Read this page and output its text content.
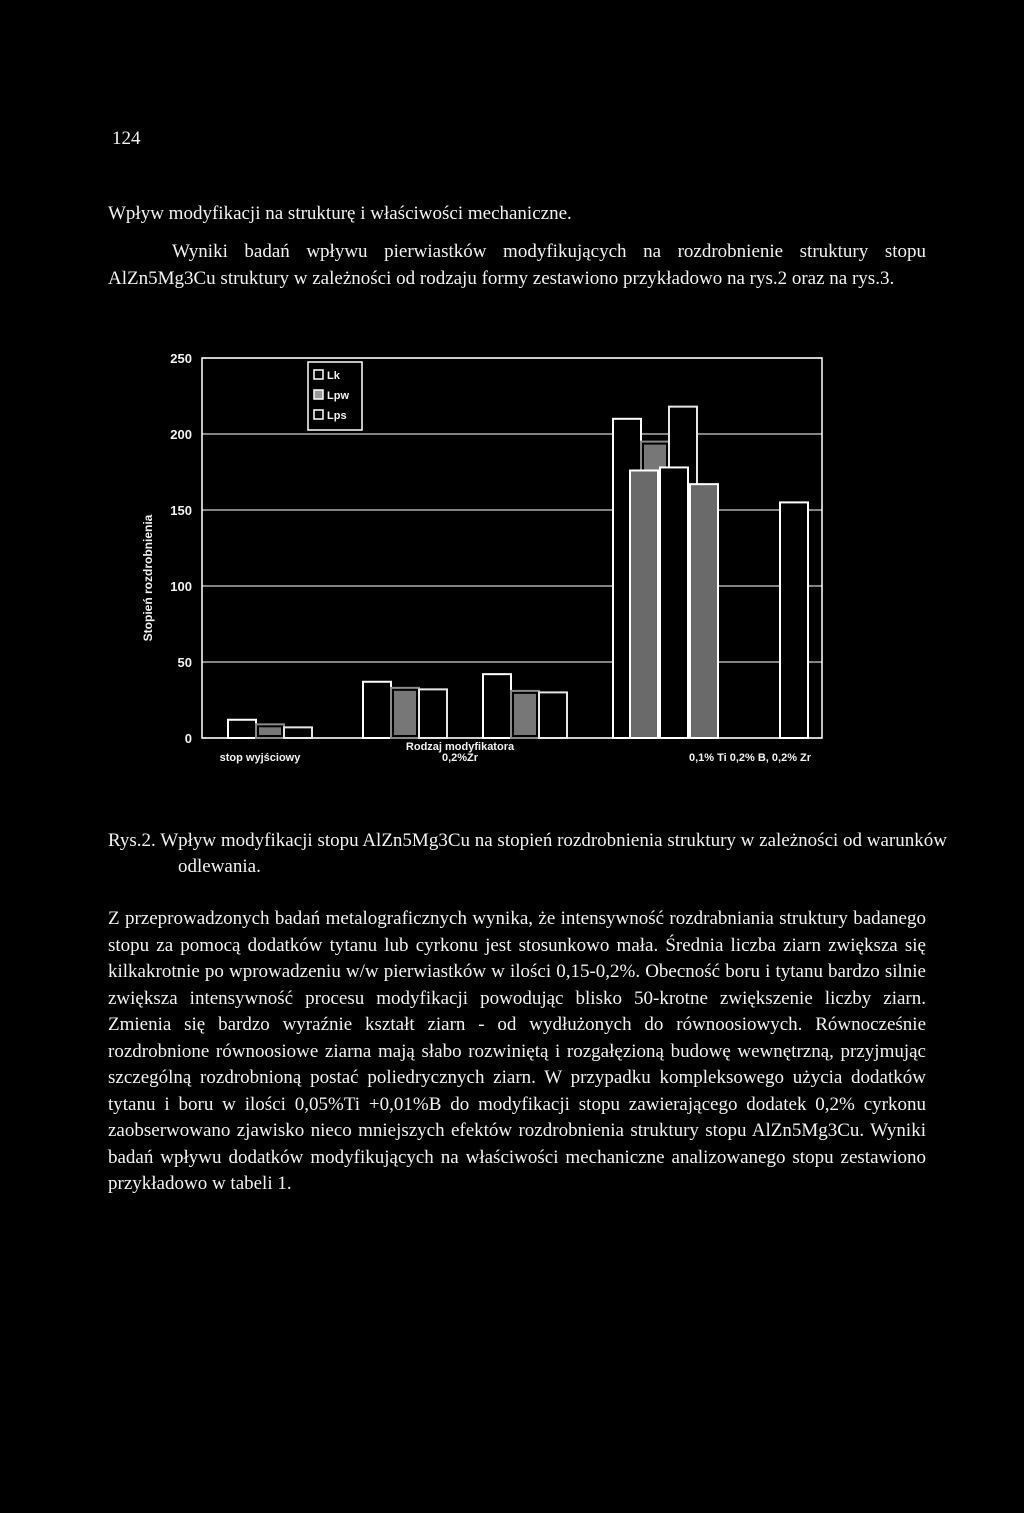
124
Wpływ modyfikacji na strukturę i właściwości mechaniczne.

Wyniki badań wpływu pierwiastków modyfikujących na rozdrobnienie struktury stopu AlZn5Mg3Cu struktury w zależności od rodzaju formy zestawiono przykładowo na rys.2 oraz na rys.3.

0
50
100
150
200
250
Stopień rozdrobnienia
stop wyjściowy	0,2%Zr	0,1% Ti 0,2% B, 0,2% Zr
Rodzaj modyfikatora
Lk
Lpw
Lps

Rys.2. Wpływ modyfikacji stopu AlZn5Mg3Cu na stopień rozdrobnienia struktury w zależności od warunków odlewania.

Z przeprowadzonych badań metalograficznych wynika, że intensywność rozdrabniania struktury badanego stopu za pomocą dodatków tytanu lub cyrkonu jest stosunkowo mała. Średnia liczba ziarn zwiększa się kilkakrotnie po wprowadzeniu w/w pierwiastków w ilości 0,15-0,2%. Obecność boru i tytanu bardzo silnie zwiększa intensywność procesu modyfikacji powodując blisko 50-krotne zwiększenie liczby ziarn. Zmienia się bardzo wyraźnie kształt ziarn - od wydłużonych do równoosiowych. Równocześnie rozdrobnione równoosiowe ziarna mają słabo rozwiniętą i rozgałęzioną budowę wewnętrzną, przyjmując szczególną rozdrobnioną postać poliedrycznych ziarn. W przypadku kompleksowego użycia dodatków tytanu i boru w ilości 0,05%Ti +0,01%B do modyfikacji stopu zawierającego dodatek 0,2% cyrkonu zaobserwowano zjawisko nieco mniejszych efektów rozdrobnienia struktury stopu AlZn5Mg3Cu. Wyniki badań wpływu dodatków modyfikujących na właściwości mechaniczne analizowanego stopu zestawiono przykładowo w tabeli 1.
